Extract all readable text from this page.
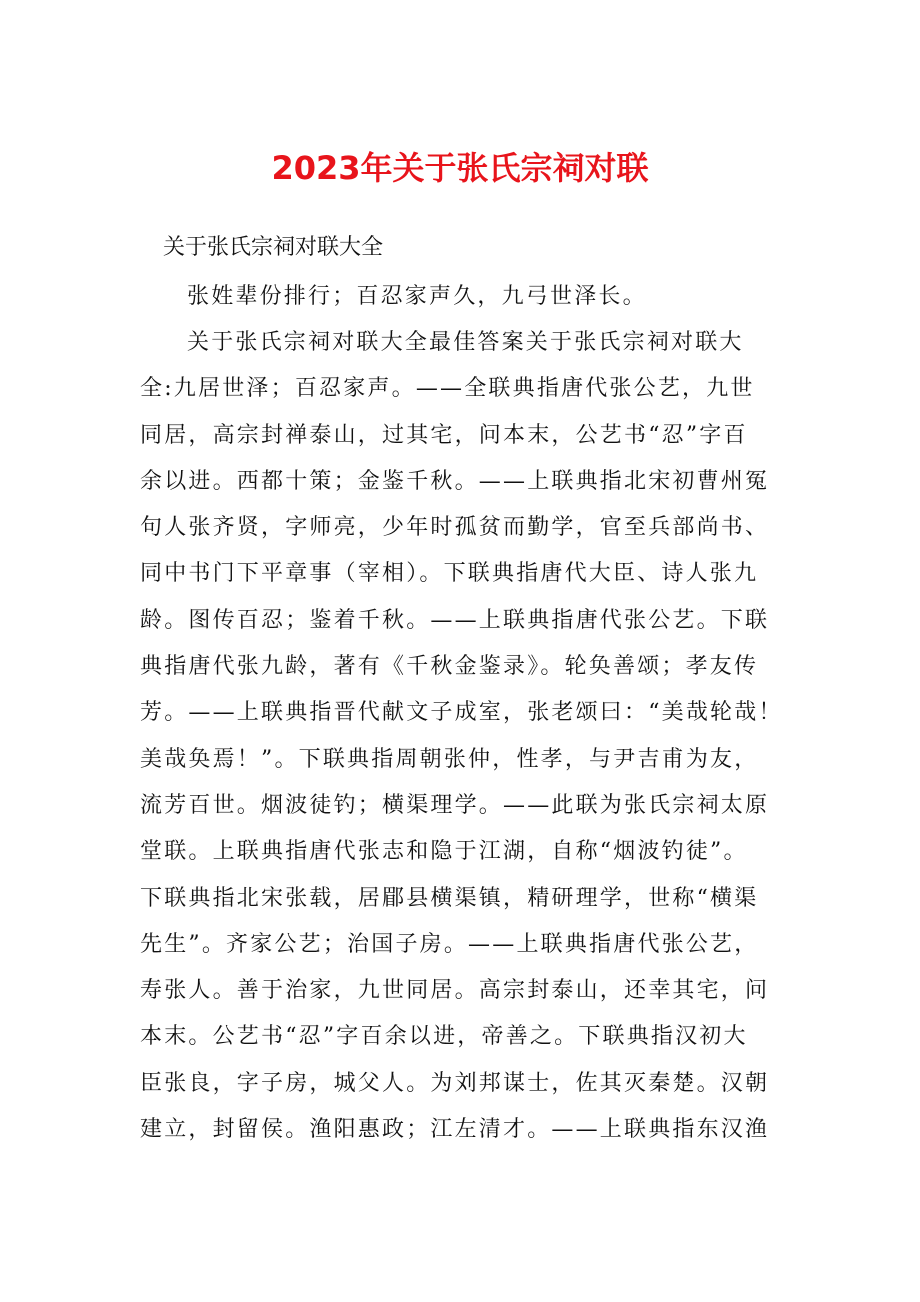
2023年关于张氏宗祠对联

关于张氏宗祠对联大全

张姓辈份排行；百忍家声久，九弓世泽长。
关于张氏宗祠对联大全最佳答案关于张氏宗祠对联大
全:九居世泽；百忍家声。——全联典指唐代张公艺，九世
同居，高宗封禅泰山，过其宅，问本末，公艺书“忍”字百
余以进。西都十策；金鉴千秋。——上联典指北宋初曹州冤
句人张齐贤，字师亮，少年时孤贫而勤学，官至兵部尚书、
同中书门下平章事（宰相）。下联典指唐代大臣、诗人张九
龄。图传百忍；鉴着千秋。——上联典指唐代张公艺。下联
典指唐代张九龄，著有《千秋金鉴录》。轮奂善颂；孝友传
芳。——上联典指晋代献文子成室，张老颂曰：“美哉轮哉！
美哉奂焉！”。下联典指周朝张仲，性孝，与尹吉甫为友，
流芳百世。烟波徒钓；横渠理学。——此联为张氏宗祠太原
堂联。上联典指唐代张志和隐于江湖，自称“烟波钓徒”。
下联典指北宋张载，居郿县横渠镇，精研理学，世称“横渠
先生”。齐家公艺；治国子房。——上联典指唐代张公艺，
寿张人。善于治家，九世同居。高宗封泰山，还幸其宅，问
本末。公艺书“忍”字百余以进，帝善之。下联典指汉初大
臣张良，字子房，城父人。为刘邦谋士，佐其灭秦楚。汉朝
建立，封留侯。渔阳惠政；江左清才。——上联典指东汉渔
